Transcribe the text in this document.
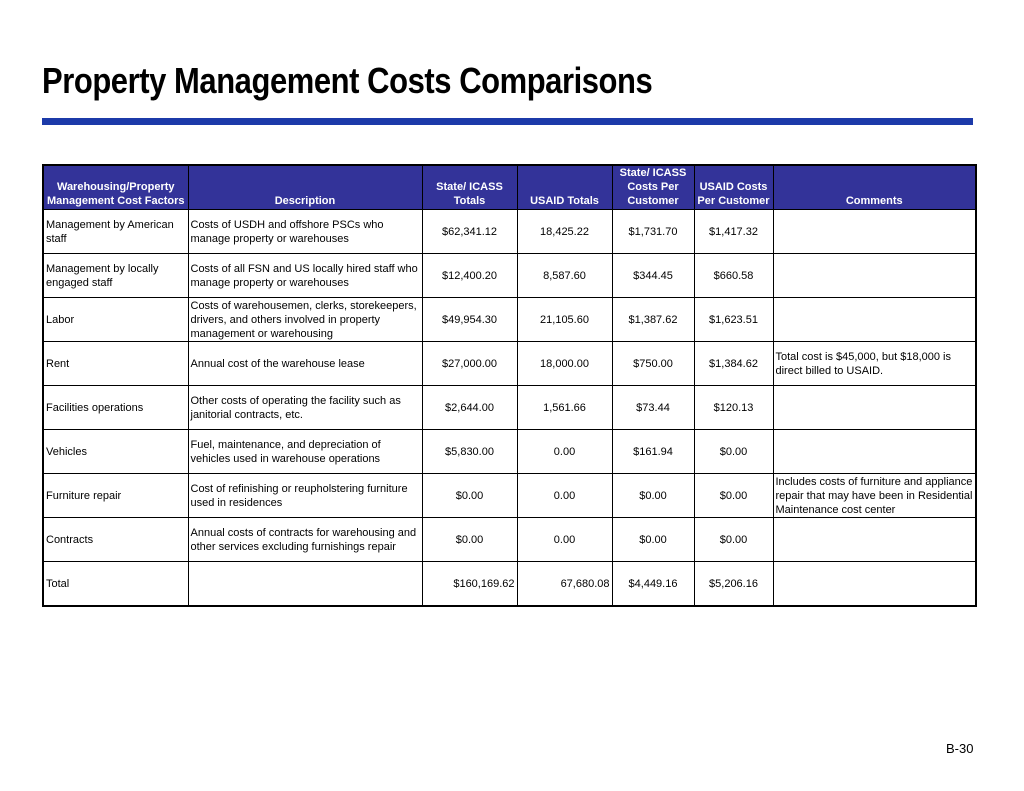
Property Management Costs Comparisons
Warehousing/Property Management Cost Factors	Description	State/ ICASS Totals	USAID Totals	State/ ICASS Costs Per Customer	USAID Costs Per Customer	Comments
Management by American staff	Costs of USDH and offshore PSCs who manage property or warehouses	$62,341.12	18,425.22	$1,731.70	$1,417.32	
Management by locally engaged staff	Costs of all FSN and US locally hired staff who manage property or warehouses	$12,400.20	8,587.60	$344.45	$660.58	
Labor	Costs of warehousemen, clerks, storekeepers, drivers, and others involved in property management or warehousing	$49,954.30	21,105.60	$1,387.62	$1,623.51	
Rent	Annual cost of the warehouse lease	$27,000.00	18,000.00	$750.00	$1,384.62	Total cost is $45,000, but $18,000 is direct billed to USAID.
Facilities operations	Other costs of operating the facility such as janitorial contracts, etc.	$2,644.00	1,561.66	$73.44	$120.13	
Vehicles	Fuel, maintenance, and depreciation of vehicles used in warehouse operations	$5,830.00	0.00	$161.94	$0.00	
Furniture repair	Cost of refinishing or reupholstering furniture used in residences	$0.00	0.00	$0.00	$0.00	Includes costs of furniture and appliance repair that may have been in Residential Maintenance cost center
Contracts	Annual costs of contracts for warehousing and other services excluding furnishings repair	$0.00	0.00	$0.00	$0.00	
Total		$160,169.62	67,680.08	$4,449.16	$5,206.16	
B-30
